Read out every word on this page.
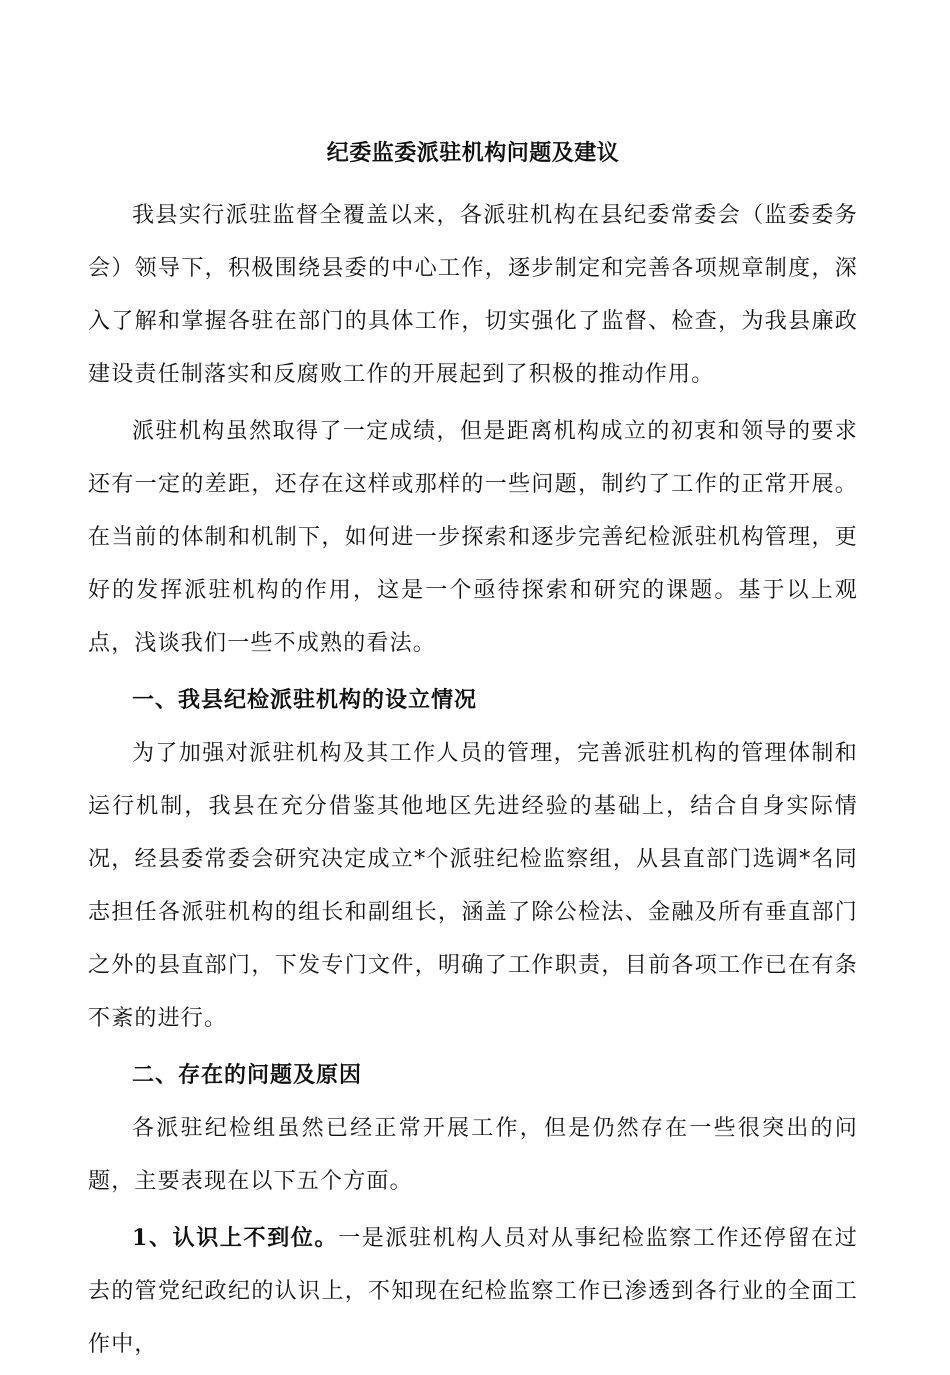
纪委监委派驻机构问题及建议

我县实行派驻监督全覆盖以来，各派驻机构在县纪委常委会（监委委务会）领导下，积极围绕县委的中心工作，逐步制定和完善各项规章制度，深入了解和掌握各驻在部门的具体工作，切实强化了监督、检查，为我县廉政建设责任制落实和反腐败工作的开展起到了积极的推动作用。

派驻机构虽然取得了一定成绩，但是距离机构成立的初衷和领导的要求还有一定的差距，还存在这样或那样的一些问题，制约了工作的正常开展。在当前的体制和机制下，如何进一步探索和逐步完善纪检派驻机构管理，更好的发挥派驻机构的作用，这是一个亟待探索和研究的课题。基于以上观点，浅谈我们一些不成熟的看法。

一、我县纪检派驻机构的设立情况

为了加强对派驻机构及其工作人员的管理，完善派驻机构的管理体制和运行机制，我县在充分借鉴其他地区先进经验的基础上，结合自身实际情况，经县委常委会研究决定成立*个派驻纪检监察组，从县直部门选调*名同志担任各派驻机构的组长和副组长，涵盖了除公检法、金融及所有垂直部门之外的县直部门，下发专门文件，明确了工作职责，目前各项工作已在有条不紊的进行。

二、存在的问题及原因

各派驻纪检组虽然已经正常开展工作，但是仍然存在一些很突出的问题，主要表现在以下五个方面。

1、认识上不到位。一是派驻机构人员对从事纪检监察工作还停留在过去的管党纪政纪的认识上，不知现在纪检监察工作已渗透到各行业的全面工作中，
